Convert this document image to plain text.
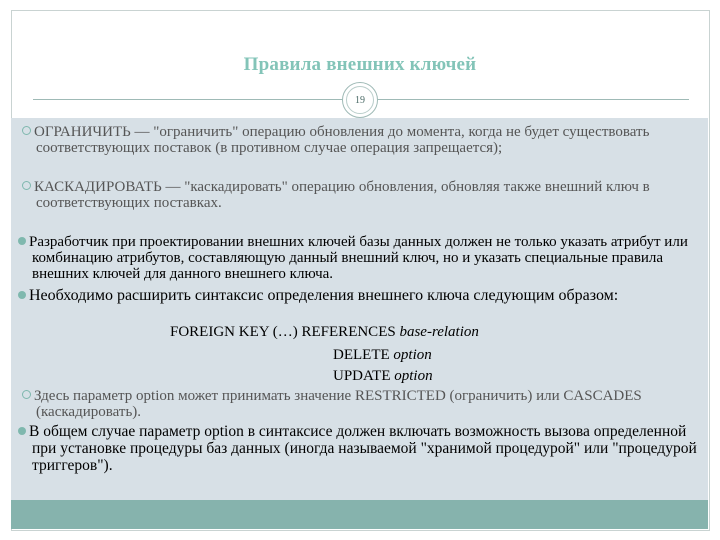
Правила внешних ключей
19
ОГРАНИЧИТЬ — "ограничить" операцию обновления до момента, когда не будет существовать соответствующих поставок (в противном случае операция запрещается);
КАСКАДИРОВАТЬ — "каскадировать" операцию обновления, обновляя также внешний ключ в соответствующих поставках.
Разработчик при проектировании внешних ключей базы данных должен не только указать атрибут или комбинацию атрибутов, составляющую данный внешний ключ, но и указать специальные правила внешних ключей для данного внешнего ключа.
Необходимо расширить синтаксис определения внешнего ключа следующим образом:
FOREIGN KEY (…) REFERENCES base-relation
DELETE option
UPDATE option
Здесь параметр option может принимать значение RESTRICTED (ограничить) или CASCADES (каскадировать).
В общем случае параметр option в синтаксисе должен включать возможность вызова определенной при установке процедуры баз данных (иногда называемой "хранимой процедурой" или "процедурой триггеров").
